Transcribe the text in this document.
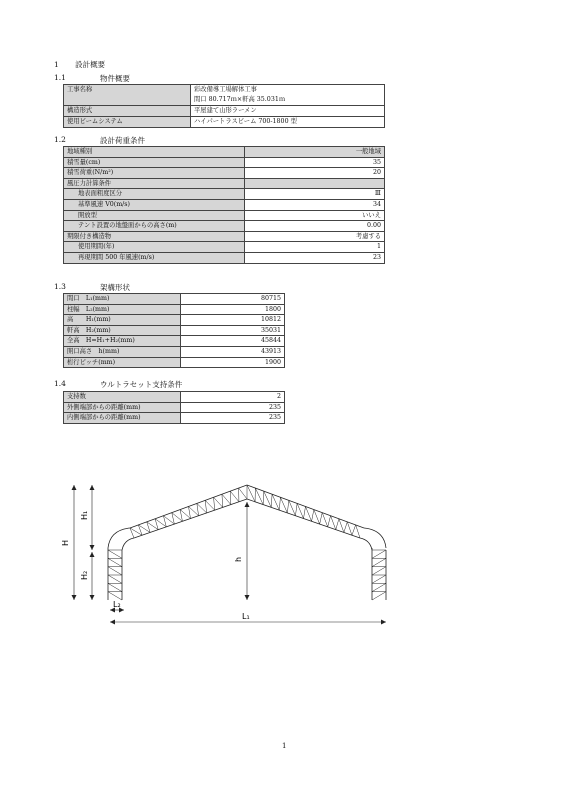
1 設計概要
1.1	物件概要
工事名称	彩改備導工場解体工事
	間口 80.717ｍ×軒高 35.031ｍ
構造形式	平屋建て山形ラーメン
使用ビームシステム	ハイパートラスビーム 700-1800 型
1.2	設計荷重条件
地域種別	一般地域
積雪量(cm)	35
積雪荷重(N/m²)	20
風圧力計算条件	
地表面粗度区分	Ⅲ
基準風速 V0(m/s)	34
開放型	いいえ
テント設置の地盤面からの高さ(m)	0.00
期限付き構造物	考慮する
使用期間(年)	1
再現期間 500 年風速(m/s)	23
1.3	架構形状
間口　L₁(mm)	80715
柱幅　L₂(mm)	1800
高　　H₁(mm)	10812
軒高　H₂(mm)	35031
全高　H=H₁+H₂(mm)	45844
開口高さ　h(mm)	43913
桁行ピッチ(mm)	1900
1.4	ウルトラセット支持条件
支持数	2
外側端部からの距離(mm)	235
内側端部からの距離(mm)	235
H
H₁
H₂
h
L₂
L₁
1
